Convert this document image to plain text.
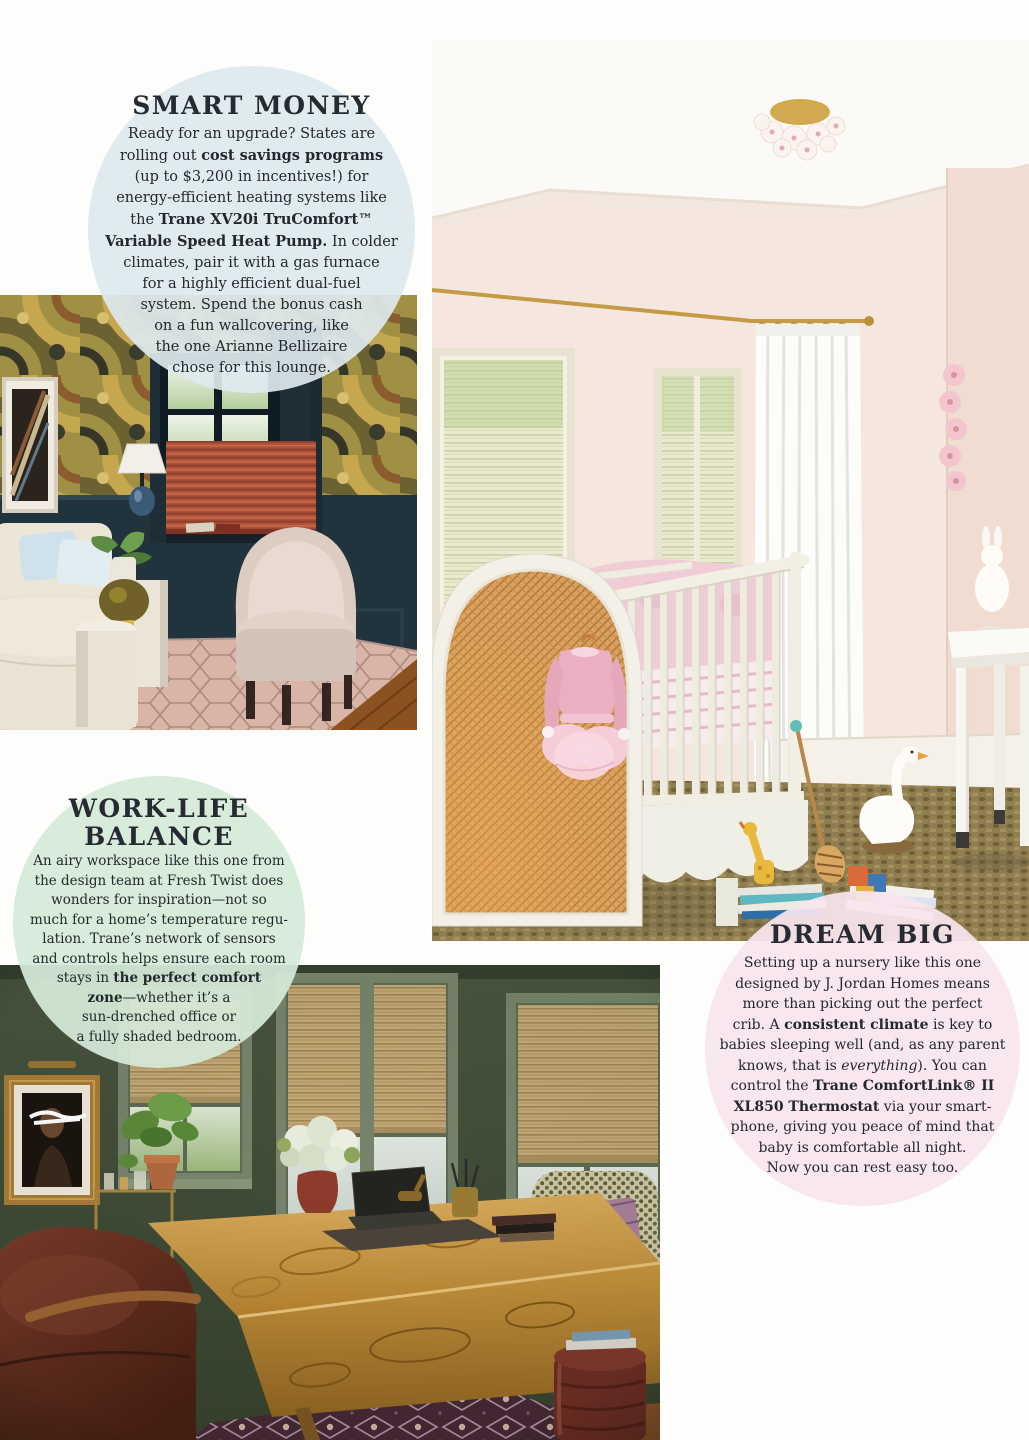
SMART MONEY
Ready for an upgrade? States are
rolling out cost savings programs
(up to $3,200 in incentives!) for
energy-efficient heating systems like
the Trane XV20i TruComfort™
Variable Speed Heat Pump. In colder
climates, pair it with a gas furnace
for a highly efficient dual-fuel
system. Spend the bonus cash
on a fun wallcovering, like
the one Arianne Bellizaire
chose for this lounge.
WORK-LIFE
BALANCE
An airy workspace like this one from
the design team at Fresh Twist does
wonders for inspiration—not so
much for a home’s temperature regu-
lation. Trane’s network of sensors
and controls helps ensure each room
stays in the perfect comfort
zone—whether it’s a
sun-drenched office or
a fully shaded bedroom.
DREAM BIG
Setting up a nursery like this one
designed by J. Jordan Homes means
more than picking out the perfect
crib. A consistent climate is key to
babies sleeping well (and, as any parent
knows, that is everything). You can
control the Trane ComfortLink® II
XL850 Thermostat via your smart-
phone, giving you peace of mind that
baby is comfortable all night.
Now you can rest easy too.
